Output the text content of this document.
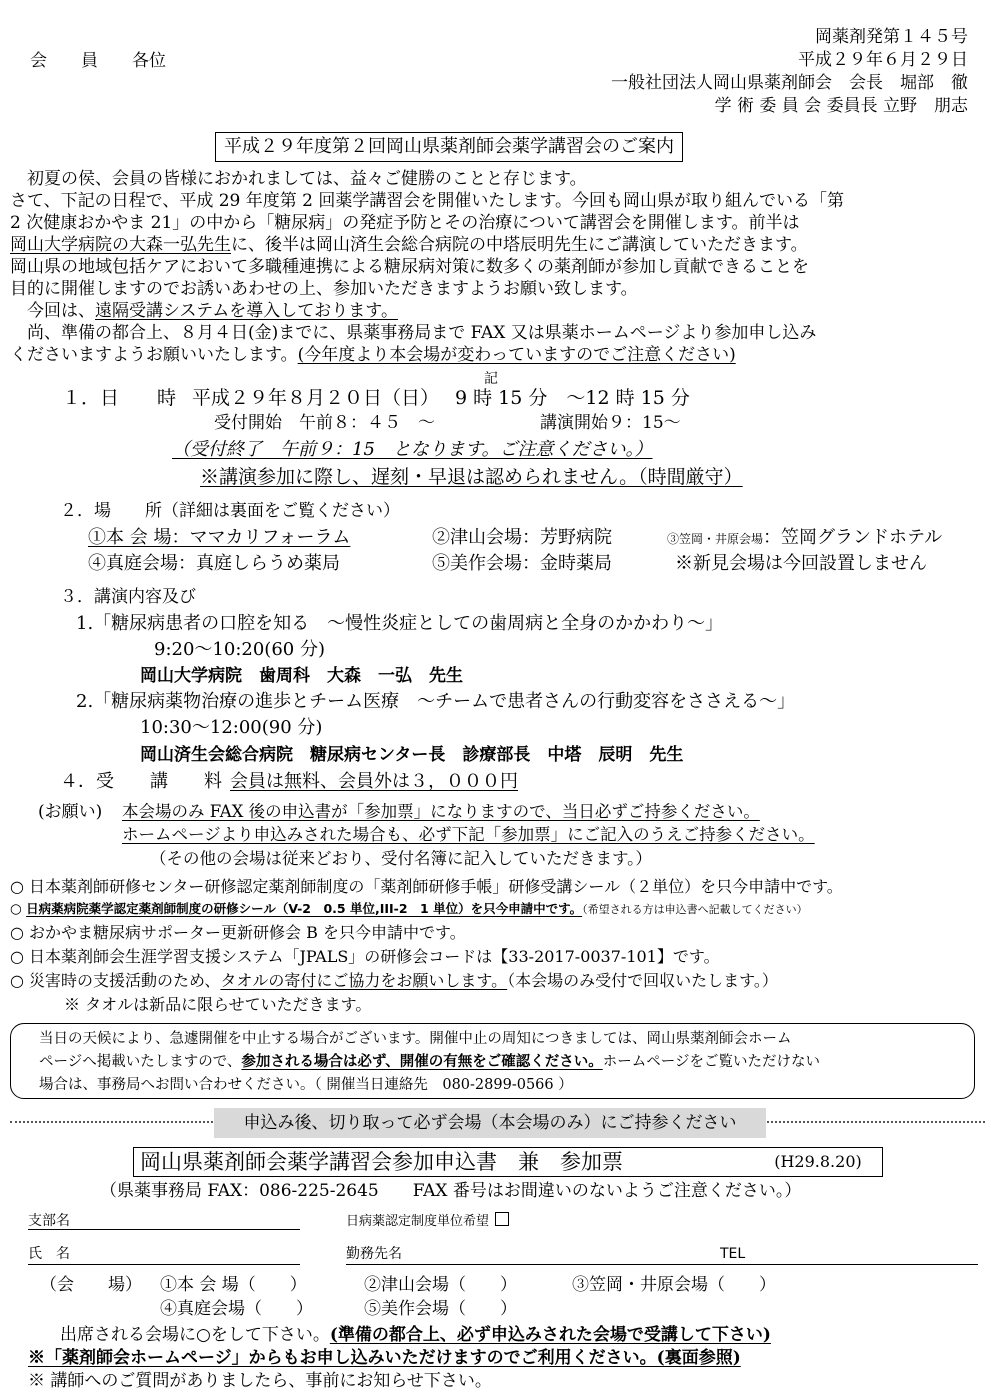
会　　員　　各位
岡薬剤発第１４５号
平成２９年６月２９日
一般社団法人岡山県薬剤師会　会長　堀部　徹
学 術 委 員 会 委員長 立野　朋志
平成２９年度第２回岡山県薬剤師会薬学講習会のご案内
　初夏の侯、会員の皆様におかれましては、益々ご健勝のことと存じます。
さて、下記の日程で、平成 29 年度第 2 回薬学講習会を開催いたします。今回も岡山県が取り組んでいる「第
2 次健康おかやま 21」の中から「糖尿病」の発症予防とその治療について講習会を開催します。前半は
岡山大学病院の大森一弘先生に、後半は岡山済生会総合病院の中塔辰明先生にご講演していただきます。
岡山県の地域包括ケアにおいて多職種連携による糖尿病対策に数多くの薬剤師が参加し貢献できることを
目的に開催しますのでお誘いあわせの上、参加いただきますようお願い致します。
　今回は、遠隔受講システムを導入しております。
　尚、準備の都合上、８月４日(金)までに、県薬事務局まで FAX 又は県薬ホームページより参加申し込み
くださいますようお願いいたします。(今年度より本会場が変わっていますのでご注意ください)
記
１．日　　時 平成２９年８月２０日（日） 9 時 15 分　～12 時 15 分
受付開始　午前８：４５　～	講演開始９：15～
（受付終了　午前９：15　となります。ご注意ください。）
※講演参加に際し、遅刻・早退は認められません。（時間厳守）
２．場　　所（詳細は裏面をご覧ください）
①本 会 場：ママカリフォーラム	②津山会場：芳野病院	③笠岡・井原会場：笠岡グランドホテル
④真庭会場：真庭しらうめ薬局	⑤美作会場：金時薬局	※新見会場は今回設置しません
３．講演内容及び
1.「糖尿病患者の口腔を知る　～慢性炎症としての歯周病と全身のかかわり～」
9:20～10:20(60 分)
岡山大学病院　歯周科　大森　一弘　先生
2.「糖尿病薬物治療の進歩とチーム医療　～チームで患者さんの行動変容をささえる～」
10:30～12:00(90 分)
岡山済生会総合病院　糖尿病センター長　診療部長　中塔　辰明　先生
４．受　　講　　料 会員は無料、会員外は３，０００円
(お願い) 本会場のみ FAX 後の申込書が「参加票」になりますので、当日必ずご持参ください。
ホームページより申込みされた場合も、必ず下記「参加票」にご記入のうえご持参ください。
（その他の会場は従来どおり、受付名簿に記入していただきます。）
○ 日本薬剤師研修センター研修認定薬剤師制度の「薬剤師研修手帳」研修受講シール（２単位）を只今申請中です。
○ 日病薬病院薬学認定薬剤師制度の研修シール（V-2　0.5 単位,III-2　1 単位）を只今申請中です。（希望される方は申込書へ記載してください）
○ おかやま糖尿病サポーター更新研修会 B を只今申請中です。
○ 日本薬剤師会生涯学習支援システム「JPALS」の研修会コードは【33-2017-0037-101】です。
○ 災害時の支援活動のため、タオルの寄付にご協力をお願いします。（本会場のみ受付で回収いたします。）
※ タオルは新品に限らせていただきます。
当日の天候により、急遽開催を中止する場合がございます。開催中止の周知につきましては、岡山県薬剤師会ホーム
ページへ掲載いたしますので、参加される場合は必ず、開催の有無をご確認ください。ホームページをご覧いただけない
場合は、事務局へお問い合わせください。（ 開催当日連絡先　080-2899-0566 ）
申込み後、切り取って必ず会場（本会場のみ）にご持参ください
岡山県薬剤師会薬学講習会参加申込書　兼　参加票	(H29.8.20)
（県薬事務局 FAX：086-225-2645　　FAX 番号はお間違いのないようご注意ください。）
支部名	日病薬認定制度単位希望
氏　名	勤務先名	TEL
（会　　場） ①本 会 場（　　）	②津山会場（　　）	③笠岡・井原会場（　　）
④真庭会場（　　）	⑤美作会場（　　）
出席される会場に○をして下さい。(準備の都合上、必ず申込みされた会場で受講して下さい)
※「薬剤師会ホームページ」からもお申し込みいただけますのでご利用ください。(裏面参照)
※ 講師へのご質問がありましたら、事前にお知らせ下さい。
